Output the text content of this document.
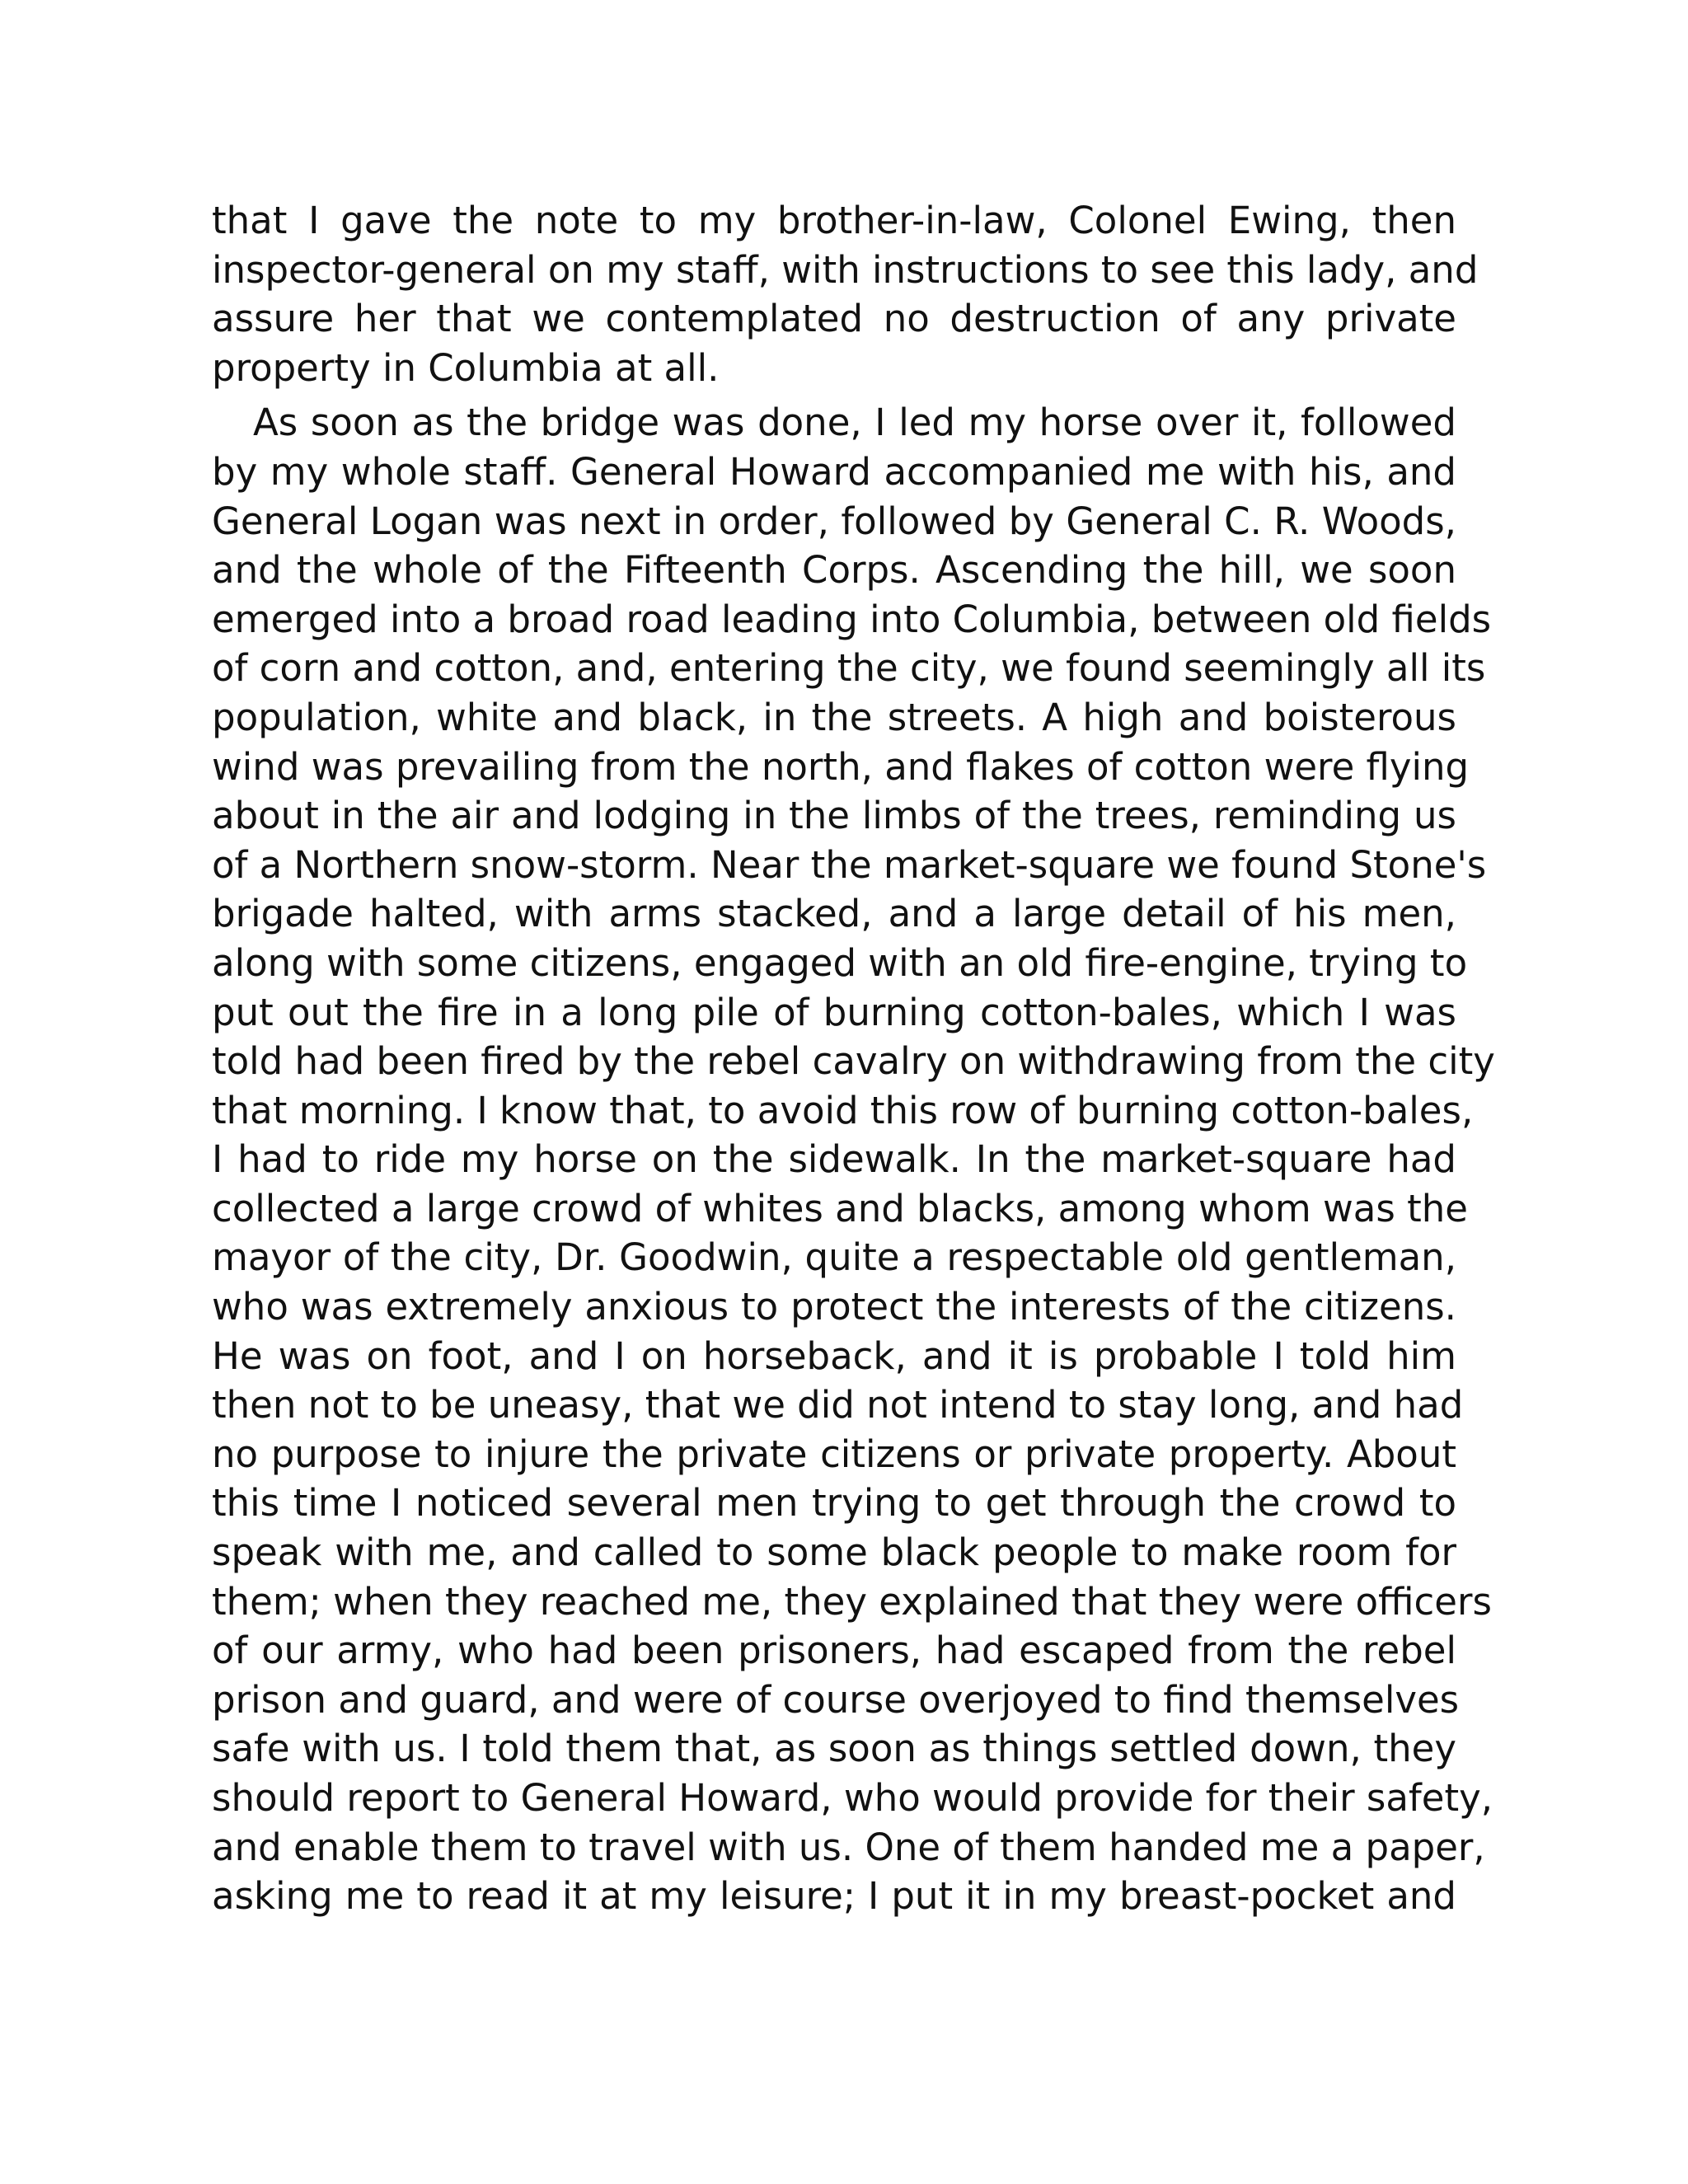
that I gave the note to my brother-in-law, Colonel Ewing, then
inspector-general on my staff, with instructions to see this lady, and
assure her that we contemplated no destruction of any private
property in Columbia at all.
As soon as the bridge was done, I led my horse over it, followed
by my whole staff. General Howard accompanied me with his, and
General Logan was next in order, followed by General C. R. Woods,
and the whole of the Fifteenth Corps. Ascending the hill, we soon
emerged into a broad road leading into Columbia, between old fields
of corn and cotton, and, entering the city, we found seemingly all its
population, white and black, in the streets. A high and boisterous
wind was prevailing from the north, and flakes of cotton were flying
about in the air and lodging in the limbs of the trees, reminding us
of a Northern snow-storm. Near the market-square we found Stone's
brigade halted, with arms stacked, and a large detail of his men,
along with some citizens, engaged with an old fire-engine, trying to
put out the fire in a long pile of burning cotton-bales, which I was
told had been fired by the rebel cavalry on withdrawing from the city
that morning. I know that, to avoid this row of burning cotton-bales,
I had to ride my horse on the sidewalk. In the market-square had
collected a large crowd of whites and blacks, among whom was the
mayor of the city, Dr. Goodwin, quite a respectable old gentleman,
who was extremely anxious to protect the interests of the citizens.
He was on foot, and I on horseback, and it is probable I told him
then not to be uneasy, that we did not intend to stay long, and had
no purpose to injure the private citizens or private property. About
this time I noticed several men trying to get through the crowd to
speak with me, and called to some black people to make room for
them; when they reached me, they explained that they were officers
of our army, who had been prisoners, had escaped from the rebel
prison and guard, and were of course overjoyed to find themselves
safe with us. I told them that, as soon as things settled down, they
should report to General Howard, who would provide for their safety,
and enable them to travel with us. One of them handed me a paper,
asking me to read it at my leisure; I put it in my breast-pocket and
